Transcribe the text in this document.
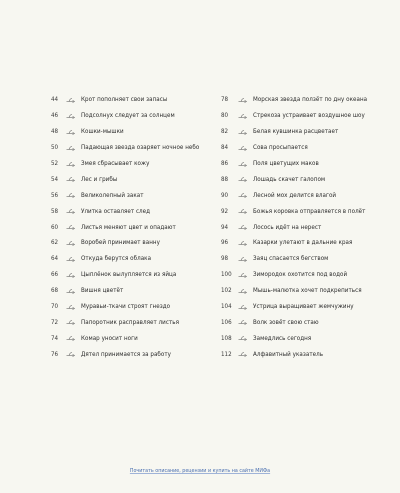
44	Крот пополняет свои запасы
46	Подсолнух следует за солнцем
48	Кошки-мышки
50	Падающая звезда озаряет ночное небо
52	Змея сбрасывает кожу
54	Лес и грибы
56	Великолепный закат
58	Улитка оставляет след
60	Листья меняют цвет и опадают
62	Воробей принимает ванну
64	Откуда берутся облака
66	Цыплёнок вылупляется из яйца
68	Вишня цветёт
70	Муравьи-ткачи строят гнездо
72	Папоротник расправляет листья
74	Комар уносит ноги
76	Дятел принимается за работу
78	Морская звезда ползёт по дну океана
80	Стрекоза устраивает воздушное шоу
82	Белая кувшинка расцветает
84	Сова просыпается
86	Поля цветущих маков
88	Лошадь скачет галопом
90	Лесной мох делится влагой
92	Божья коровка отправляется в полёт
94	Лосось идёт на нерест
96	Казарки улетают в дальние края
98	Заяц спасается бегством
100	Зимородок охотится под водой
102	Мышь-малютка хочет подкрепиться
104	Устрица выращивает жемчужину
106	Волк зовёт свою стаю
108	Замедлись сегодня
112	Алфавитный указатель
Почитать описание, рецензии и купить на сайте МИФа
